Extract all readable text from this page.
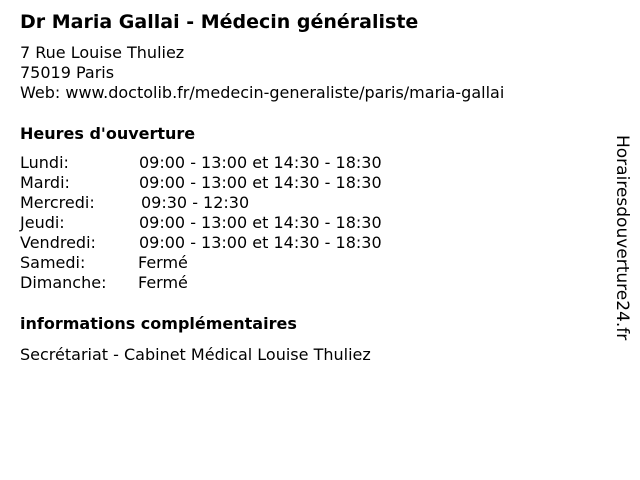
Dr Maria Gallai - Médecin généraliste
7 Rue Louise Thuliez
75019 Paris
Web: www.doctolib.fr/medecin-generaliste/paris/maria-gallai
Heures d'ouverture
Lundi:	09:00 - 13:00 et 14:30 - 18:30
Mardi:	09:00 - 13:00 et 14:30 - 18:30
Mercredi:	09:30 - 12:30
Jeudi:	09:00 - 13:00 et 14:30 - 18:30
Vendredi:	09:00 - 13:00 et 14:30 - 18:30
Samedi:	Fermé
Dimanche: Fermé
informations complémentaires
Secrétariat - Cabinet Médical Louise Thuliez
Horairesdouverture24.fr
